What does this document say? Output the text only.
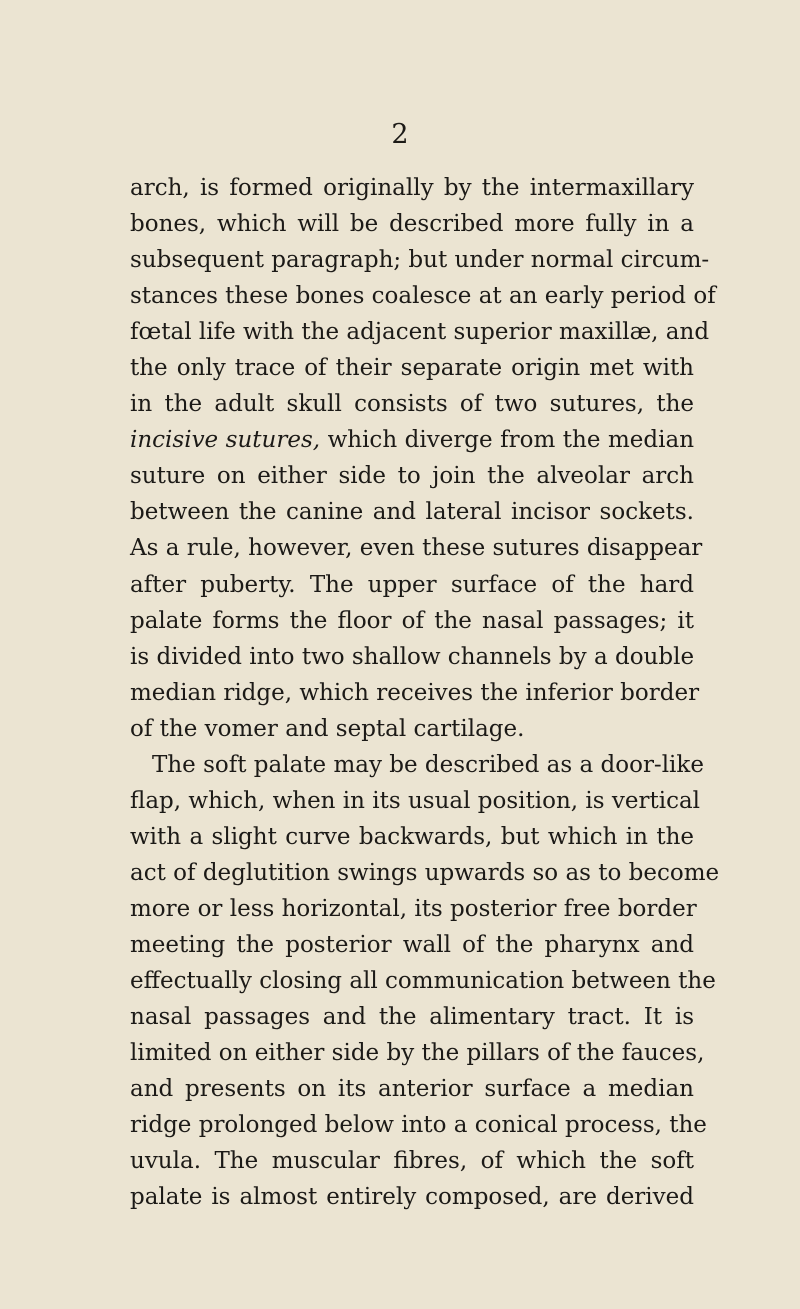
2
arch, is formed originally by the intermaxillary
bones, which will be described more fully in a
subsequent paragraph; but under normal circum-
stances these bones coalesce at an early period of
fœtal life with the adjacent superior maxillæ, and
the only trace of their separate origin met with
in the adult skull consists of two sutures, the
incisive sutures, which diverge from the median
suture on either side to join the alveolar arch
between the canine and lateral incisor sockets.
As a rule, however, even these sutures disappear
after puberty. The upper surface of the hard
palate forms the floor of the nasal passages; it
is divided into two shallow channels by a double
median ridge, which receives the inferior border
of the vomer and septal cartilage.
The soft palate may be described as a door-like
flap, which, when in its usual position, is vertical
with a slight curve backwards, but which in the
act of deglutition swings upwards so as to become
more or less horizontal, its posterior free border
meeting the posterior wall of the pharynx and
effectually closing all communication between the
nasal passages and the alimentary tract. It is
limited on either side by the pillars of the fauces,
and presents on its anterior surface a median
ridge prolonged below into a conical process, the
uvula. The muscular fibres, of which the soft
palate is almost entirely composed, are derived
